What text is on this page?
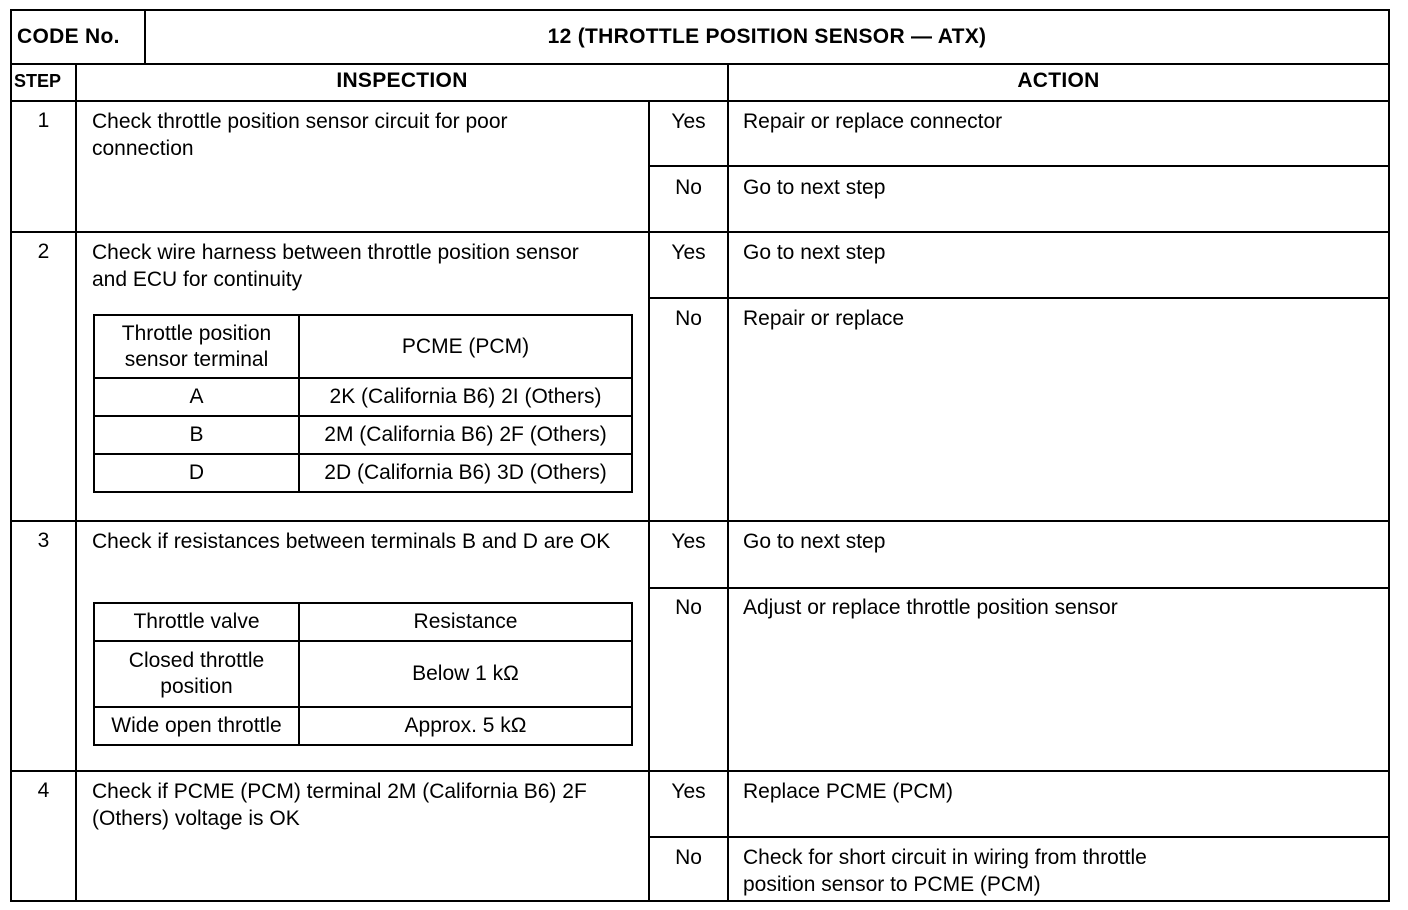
CODE No.	12 (THROTTLE POSITION SENSOR — ATX)
STEP	INSPECTION	ACTION
1	Check throttle position sensor circuit for poor connection
Yes	Repair or replace connector
No	Go to next step
2	Check wire harness between throttle position sensor and ECU for continuity
Throttle position sensor terminal	PCME (PCM)
A	2K (California B6) 2I (Others)
B	2M (California B6) 2F (Others)
D	2D (California B6) 3D (Others)
Yes	Go to next step
No	Repair or replace
3	Check if resistances between terminals B and D are OK
Throttle valve	Resistance
Closed throttle position	Below 1 kΩ
Wide open throttle	Approx. 5 kΩ
Yes	Go to next step
No	Adjust or replace throttle position sensor
4	Check if PCME (PCM) terminal 2M (California B6) 2F (Others) voltage is OK
Yes	Replace PCME (PCM)
No	Check for short circuit in wiring from throttle position sensor to PCME (PCM)
